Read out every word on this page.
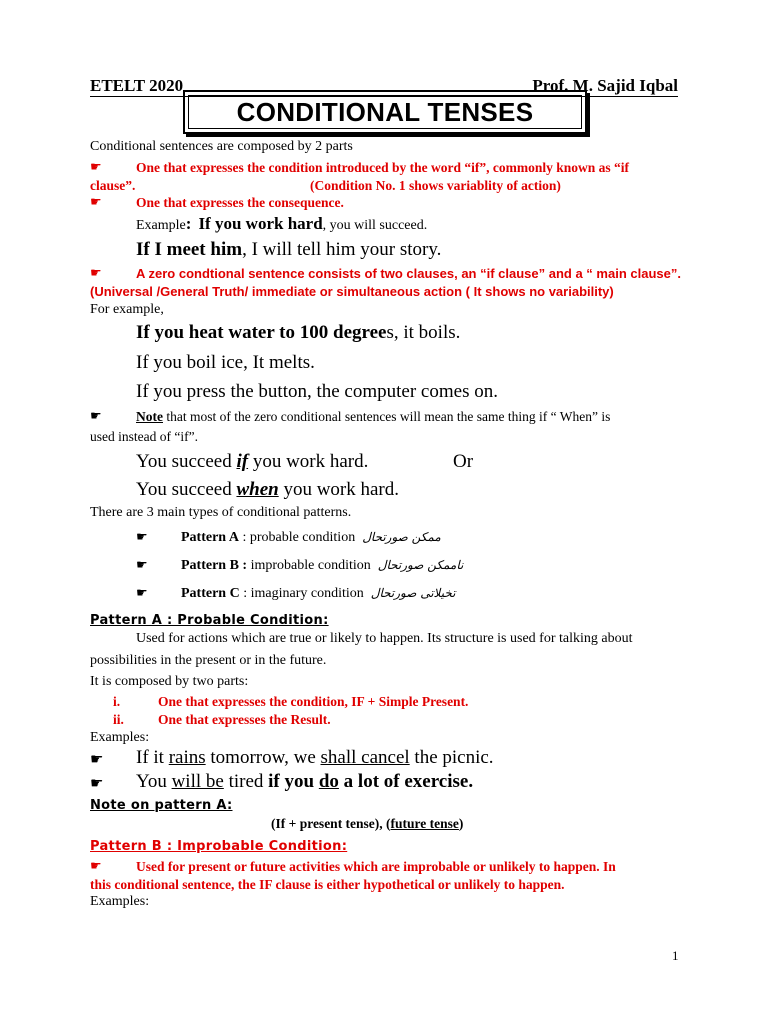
ETELT 2020	Prof. M. Sajid Iqbal
CONDITIONAL TENSES
Conditional sentences are composed by 2 parts
☛	One that expresses the condition introduced by the word “if”, commonly known as “if
clause”.	(Condition No. 1 shows variablity of action)
☛	One that expresses the consequence.
Example: If you work hard, you will succeed.
If I meet him, I will tell him your story.
☛	A zero condtional sentence consists of two clauses, an “if clause” and a “ main clause”.
(Universal /General Truth/ immediate or simultaneous action ( It shows no variability)
For example,
If you heat water to 100 degrees, it boils.
If you boil ice, It melts.
If you press the button, the computer comes on.
☛	Note that most of the zero conditional sentences will mean the same thing if “ When” is
used instead of “if”.
You succeed if you work hard.	Or
You succeed when you work hard.
There are 3 main types of conditional patterns.
☛ Pattern A : probable condition ممکن صورتحال
☛ Pattern B : improbable condition ناممکن صورتحال
☛ Pattern C : imaginary condition تخیلاتی صورتحال
Pattern A : Probable Condition:
Used for actions which are true or likely to happen. Its structure is used for talking about
possibilities in the present or in the future.
It is composed by two parts:
i.	One that expresses the condition, IF + Simple Present.
ii.	One that expresses the Result.
Examples:
☛ If it rains tomorrow, we shall cancel the picnic.
☛ You will be tired if you do a lot of exercise.
Note on pattern A:
(If + present tense), (future tense)
Pattern B : Improbable Condition:
☛	Used for present or future activities which are improbable or unlikely to happen. In
this conditional sentence, the IF clause is either hypothetical or unlikely to happen.
Examples:
1
